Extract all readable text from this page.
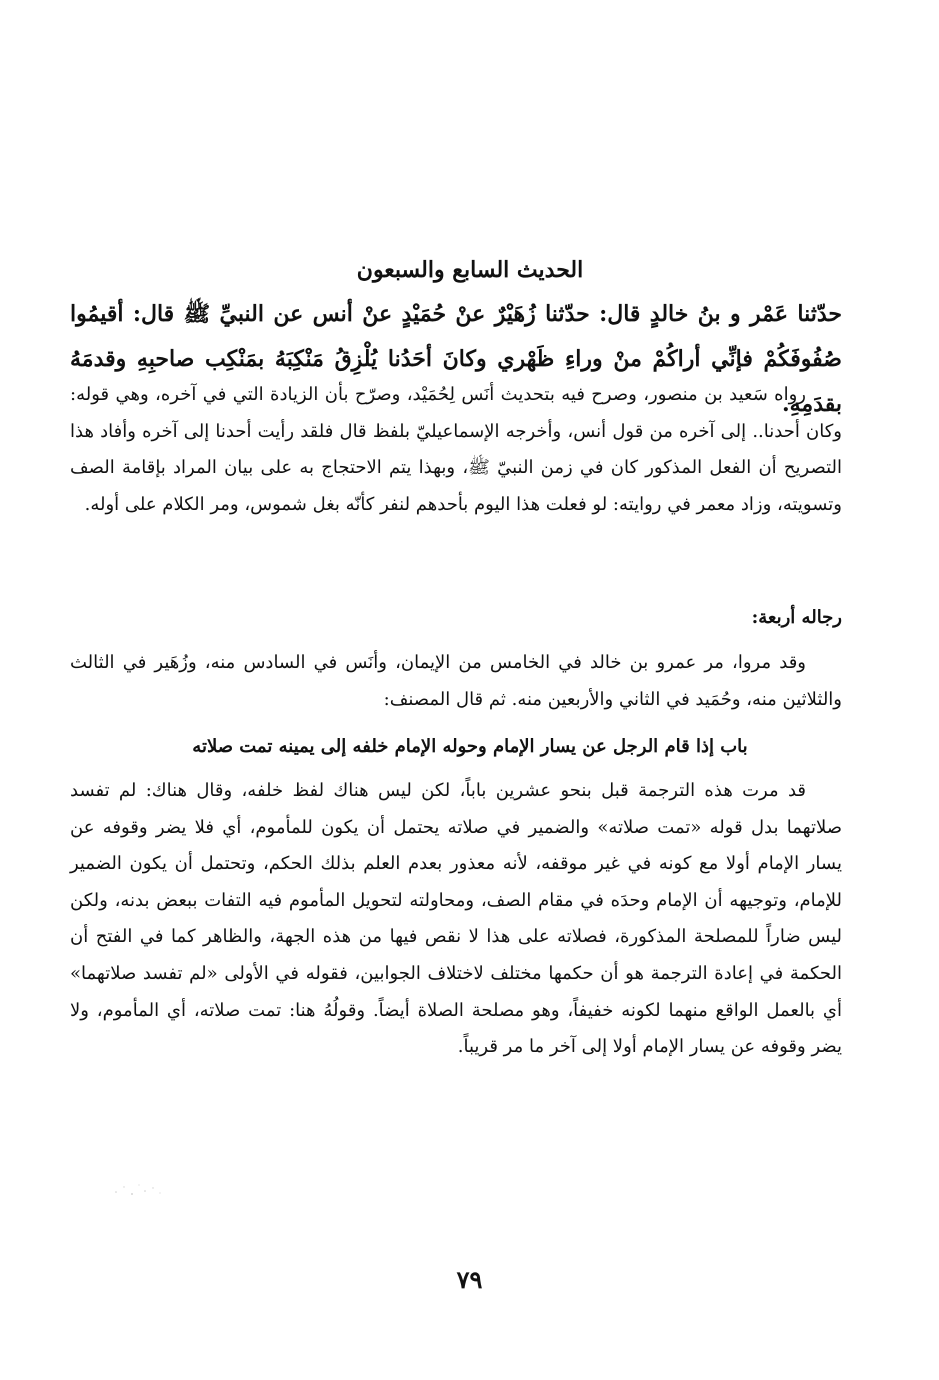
الحديث السابع والسبعون
حدّثنا عَمْر و بنُ خالدٍ قال: حدّثنا زُهَيْرٌ عنْ حُمَيْدٍ عنْ أنس عن النبيِّ ﷺ قال: أقيمُوا صُفُوفَكُمْ فإنِّي أراكُمْ منْ وراءِ ظَهْري وكانَ أحَدُنا يُلْزِقُ مَنْكِبَهُ بمَنْكِب صاحبِهِ وقدمَهُ بقدَمِهِ.
رواه سَعيد بن منصور، وصرح فيه بتحديث أنَس لِحُمَيْد، وصرّح بأن الزيادة التي في آخره، وهي قوله: وكان أحدنا.. إلى آخره من قول أنس، وأخرجه الإسماعيليّ بلفظ قال فلقد رأيت أحدنا إلى آخره وأفاد هذا التصريح أن الفعل المذكور كان في زمن النبيّ ﷺ، وبهذا يتم الاحتجاج به على بيان المراد بإقامة الصف وتسويته، وزاد معمر في روايته: لو فعلت هذا اليوم بأحدهم لنفر كأنّه بغل شموس، ومر الكلام على أوله.
رجاله أربعة:
وقد مروا، مر عمرو بن خالد في الخامس من الإيمان، وأنَس في السادس منه، وزُهَير في الثالث والثلاثين منه، وحُمَيد في الثاني والأربعين منه. ثم قال المصنف:
باب إذا قام الرجل عن يسار الإمام وحوله الإمام خلفه إلى يمينه تمت صلاته
قد مرت هذه الترجمة قبل بنحو عشرين باباً، لكن ليس هناك لفظ خلفه، وقال هناك: لم تفسد صلاتهما بدل قوله «تمت صلاته» والضمير في صلاته يحتمل أن يكون للمأموم، أي فلا يضر وقوفه عن يسار الإمام أولا مع كونه في غير موقفه، لأنه معذور بعدم العلم بذلك الحكم، وتحتمل أن يكون الضمير للإمام، وتوجيهه أن الإمام وحدَه في مقام الصف، ومحاولته لتحويل المأموم فيه التفات ببعض بدنه، ولكن ليس ضاراً للمصلحة المذكورة، فصلاته على هذا لا نقص فيها من هذه الجهة، والظاهر كما في الفتح أن الحكمة في إعادة الترجمة هو أن حكمها مختلف لاختلاف الجوابين، فقوله في الأولى «لم تفسد صلاتهما» أي بالعمل الواقع منهما لكونه خفيفاً، وهو مصلحة الصلاة أيضاً. وقولُهُ هنا: تمت صلاته، أي المأموم، ولا يضر وقوفه عن يسار الإمام أولا إلى آخر ما مر قريباً.
٧٩
